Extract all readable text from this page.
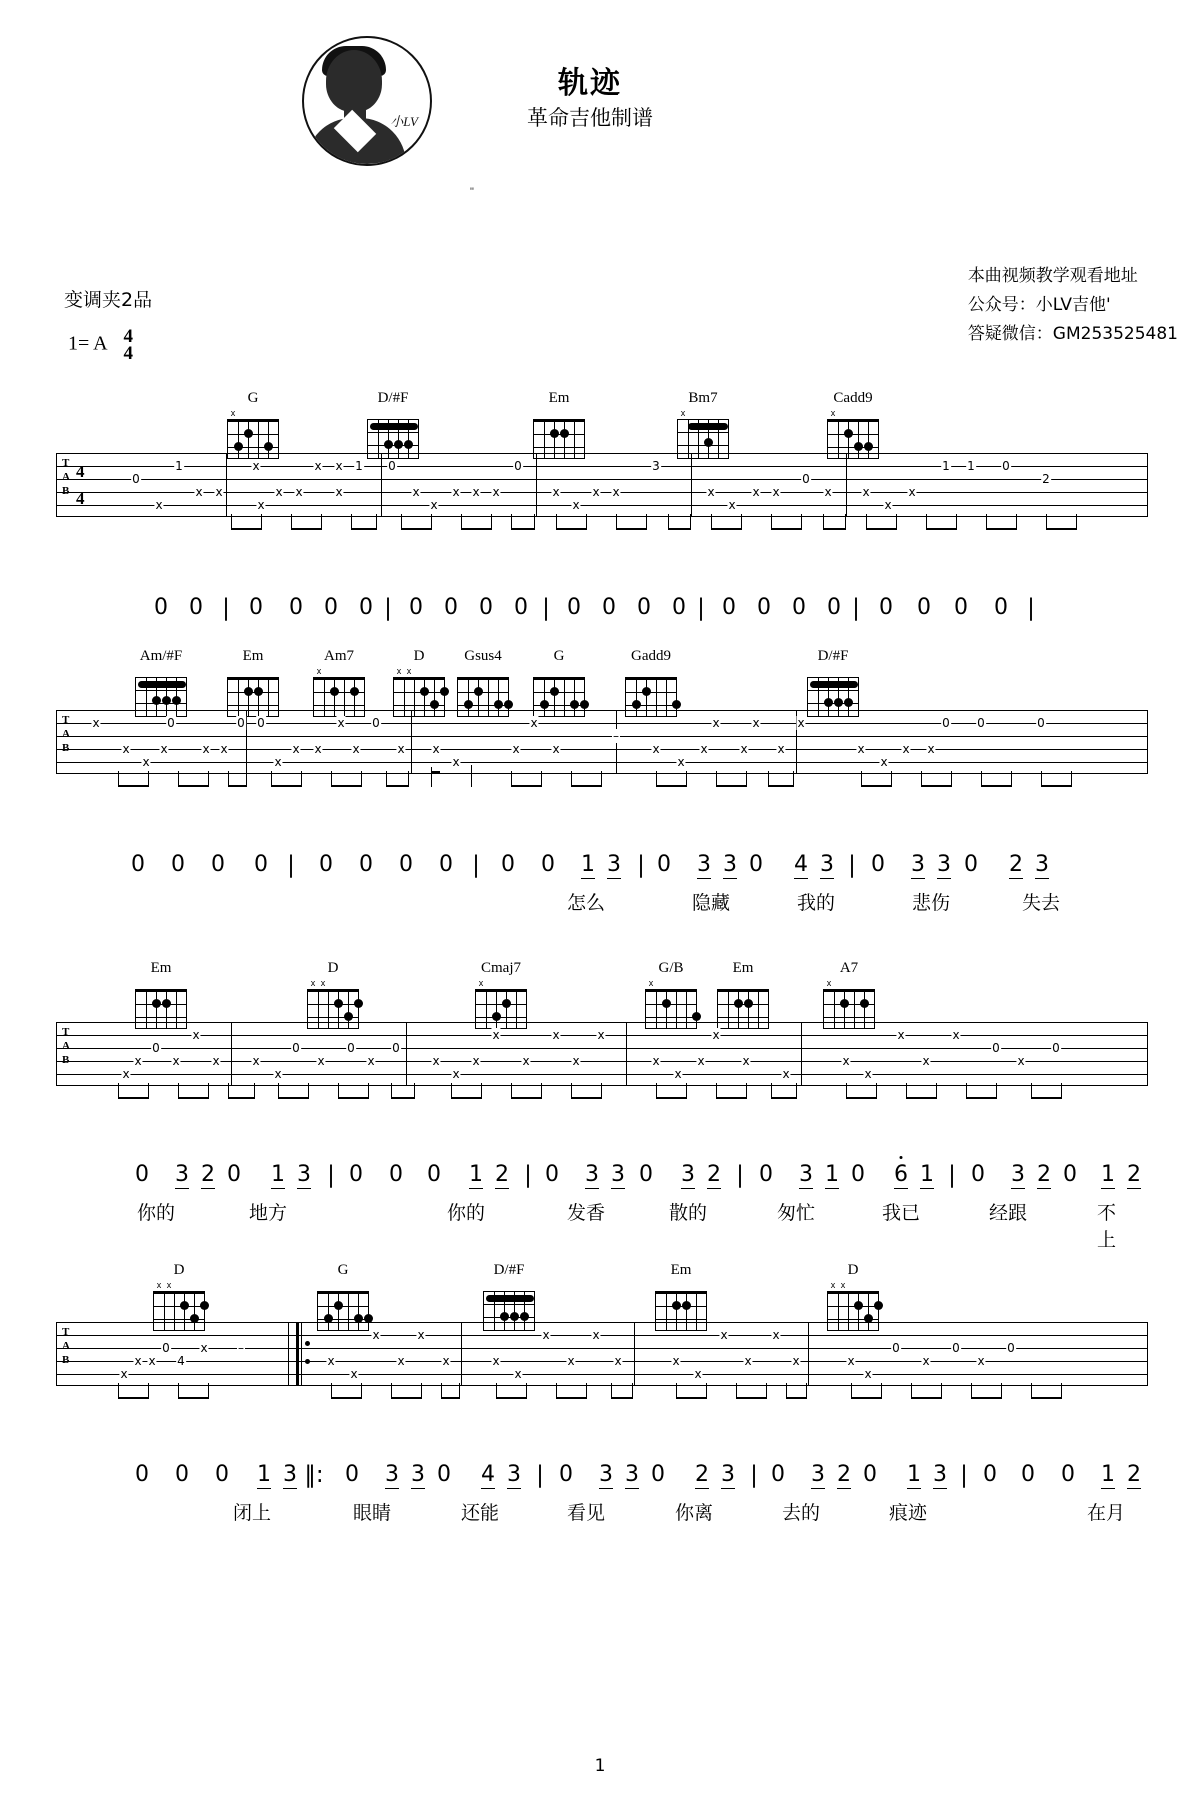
小LV
轨迹
革命吉他制谱
"
本曲视频教学观看地址
公众号：小LV吉他'
答疑微信：GM253525481
变调夹2品
1= A 4
4
G
x
D/#F	Em	Bm7
x
Cadd9
x
T
A
B
4
4
0
1
x
x x
x
x x
x x 1
x
x
0
x
x
x x x
0
x
x
x
3
x	x
x
x x
0
x	x
x
x
1 1 0
2
0 0 | 0 0 0 0 | 0 0 0 0 | 0 0 0 0 | 0 0 0 0 | 0 0 0 0 |
Am/#F	Em	Am7
x
D
x x
Gsus4	G	Gadd9	D/#F
T
A
B
x	0	0
x
x
x	x x
0
x x
x 0
x	x
x
x
x
x
x	x
–
x
x	x	x
x
x	x x	x
x
x
0 0	0
x
0 0 0 0 | 0 0 0 0 | 0 0 1 3 | 0 3 3 0 4 3 | 0 3 3 0 2 3
怎么	隐藏	我的	悲伤	失去
Em	D
x x
Cmaj7
x
G/B
x
Em	A7
x
T
A
B
0
x
x
x	x	x	x
0	0	0
x
x	x	x
x	x	x
x
x	x	x	x
x
x
x	x
x
x
x	x
0	0
x
x	x
0 3 2 0 1 3 | 0 0 0 1 2 | 0 3 3 0 3 2 | 0 3 1 0 6 1 | 0 3 2 0 1 2
你的	地方	你的	发香	散的	匆忙	我已	经跟	不上
D
x x
G	D/#F	Em	D
x x
T
A
B
0	x
4
–
x x
x
x
x	x
x
x	x	x
x	x
x
x	x	x
x	x
x
x	x	x
0	0	0
x
x	x
0 0 0 1 3 ‖: 0 3 3 0 4 3 | 0 3 3 0 2 3 | 0 3 2 0 1 3 | 0 0 0 1 2
闭上	眼睛	还能	看见	你离	去的	痕迹	在月
1
